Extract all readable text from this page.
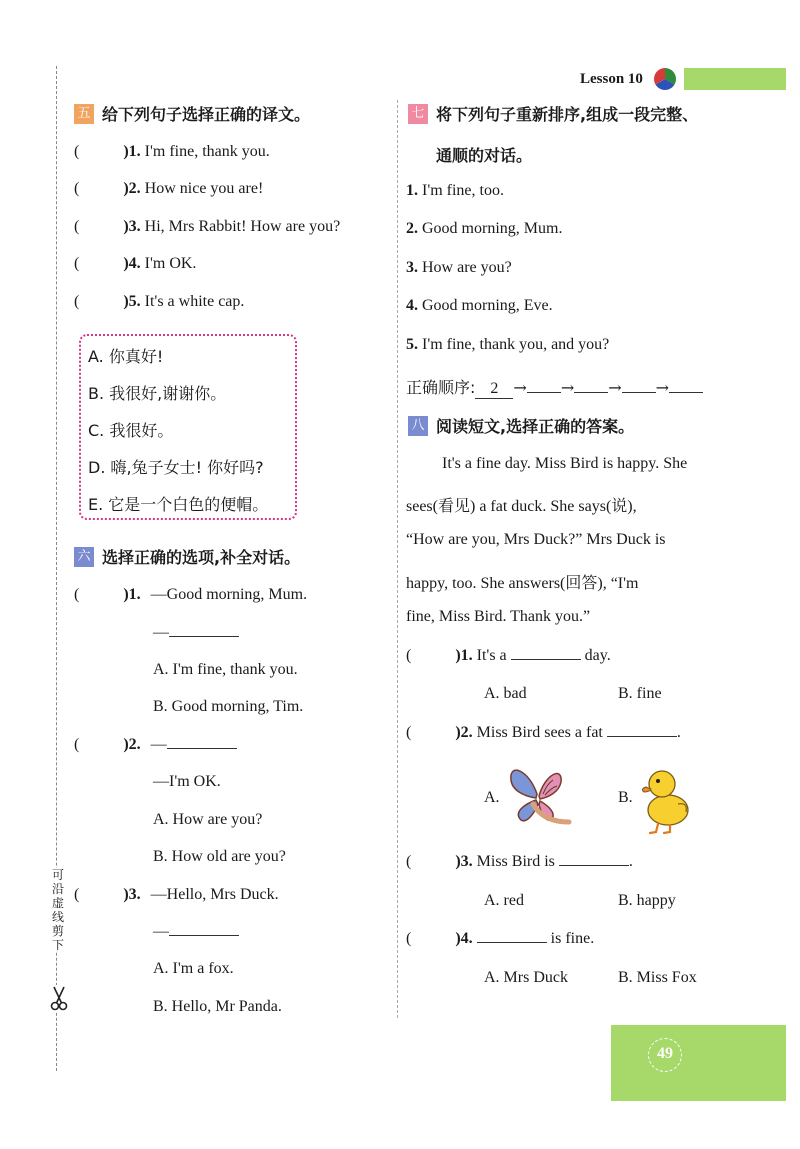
可沿虚线剪下
Lesson 10
五 给下列句子选择正确的译文。
(	)1. I'm fine, thank you.
(	)2. How nice you are!
(	)3. Hi, Mrs Rabbit! How are you?
(	)4. I'm OK.
(	)5. It's a white cap.
A. 你真好!
B. 我很好,谢谢你。
C. 我很好。
D. 嗨,兔子女士! 你好吗?
E. 它是一个白色的便帽。
六 选择正确的选项,补全对话。
(	)1. —Good morning, Mum.
—
A. I'm fine, thank you.
B. Good morning, Tim.
(	)2. —
—I'm OK.
A. How are you?
B. How old are you?
(	)3. —Hello, Mrs Duck.
—
A. I'm a fox.
B. Hello, Mr Panda.
七 将下列句子重新排序,组成一段完整、
通顺的对话。
1. I'm fine, too.
2. Good morning, Mum.
3. How are you?
4. Good morning, Eve.
5. I'm fine, thank you, and you?
正确顺序: 2 → → → →
八 阅读短文,选择正确的答案。
It's a fine day. Miss Bird is happy. She
sees(看见) a fat duck. She says(说),
“How are you, Mrs Duck?” Mrs Duck is
happy, too. She answers(回答), “I'm
fine, Miss Bird. Thank you.”
(	)1. It's a	day.
A. bad	B. fine
(	)2. Miss Bird sees a fat	.
A.	B.
(	)3. Miss Bird is	.
A. red	B. happy
(	)4.	is fine.
A. Mrs Duck	B. Miss Fox
49
